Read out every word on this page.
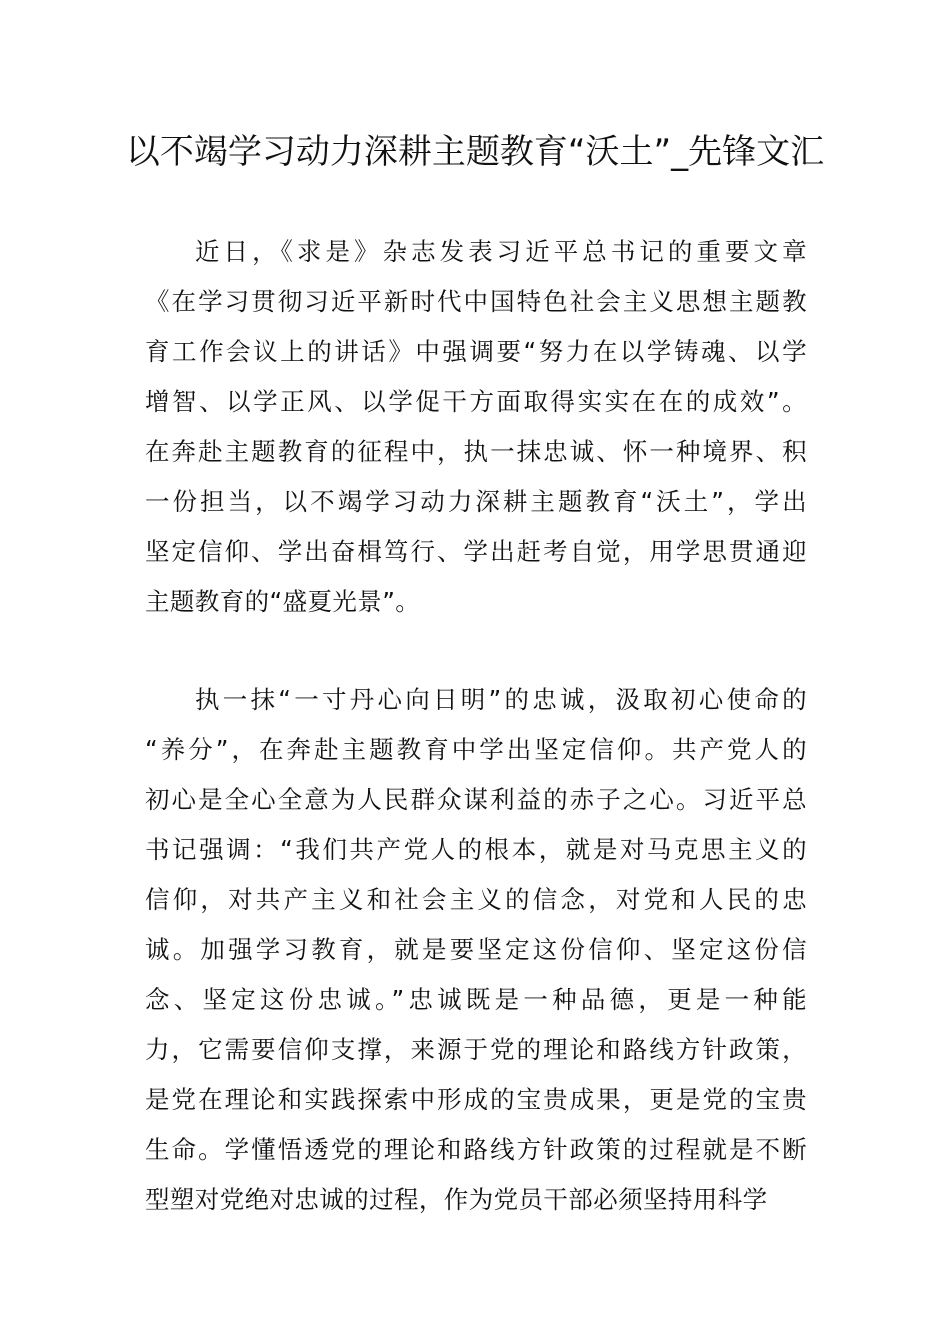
以不竭学习动力深耕主题教育“沃土”_先锋文汇
近日，《求是》杂志发表习近平总书记的重要文章
《在学习贯彻习近平新时代中国特色社会主义思想主题教
育工作会议上的讲话》中强调要“努力在以学铸魂、以学
增智、以学正风、以学促干方面取得实实在在的成效”。
在奔赴主题教育的征程中，执一抹忠诚、怀一种境界、积
一份担当，以不竭学习动力深耕主题教育“沃土”，学出
坚定信仰、学出奋楫笃行、学出赶考自觉，用学思贯通迎
主题教育的“盛夏光景”。
执一抹“一寸丹心向日明”的忠诚，汲取初心使命的
“养分”，在奔赴主题教育中学出坚定信仰。共产党人的
初心是全心全意为人民群众谋利益的赤子之心。习近平总
书记强调：“我们共产党人的根本，就是对马克思主义的
信仰，对共产主义和社会主义的信念，对党和人民的忠
诚。加强学习教育，就是要坚定这份信仰、坚定这份信
念、坚定这份忠诚。”忠诚既是一种品德，更是一种能
力，它需要信仰支撑，来源于党的理论和路线方针政策，
是党在理论和实践探索中形成的宝贵成果，更是党的宝贵
生命。学懂悟透党的理论和路线方针政策的过程就是不断
型塑对党绝对忠诚的过程，作为党员干部必须坚持用科学
